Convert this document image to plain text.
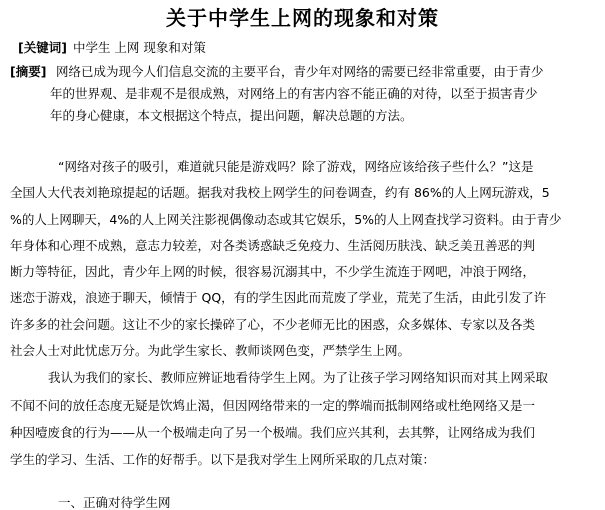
关于中学生上网的现象和对策
[关键词] 中学生 上网 现象和对策
[摘要] 网络已成为现今人们信息交流的主要平台，青少年对网络的需要已经非常重要，由于青少
年的世界观、是非观不是很成熟，对网络上的有害内容不能正确的对待，以至于损害青少
年的身心健康，本文根据这个特点，提出问题，解决总题的方法。
“网络对孩子的吸引，难道就只能是游戏吗？除了游戏，网络应该给孩子些什么？”这是
全国人大代表刘艳琼提起的话题。据我对我校上网学生的问卷调查，约有 86%的人上网玩游戏，5
%的人上网聊天，4%的人上网关注影视偶像动态或其它娱乐，5%的人上网查找学习资料。由于青少
年身体和心理不成熟，意志力较差，对各类诱惑缺乏免疫力、生活阅历肤浅、缺乏美丑善恶的判
断力等特征，因此，青少年上网的时候，很容易沉溺其中，不少学生流连于网吧，冲浪于网络，
迷恋于游戏，浪迹于聊天，倾情于 QQ，有的学生因此而荒废了学业，荒芜了生活，由此引发了许
许多多的社会问题。这让不少的家长操碎了心，不少老师无比的困惑，众多媒体、专家以及各类
社会人士对此忧虑万分。为此学生家长、教师谈网色变，严禁学生上网。
我认为我们的家长、教师应辨证地看待学生上网。为了让孩子学习网络知识而对其上网采取
不闻不问的放任态度无疑是饮鸩止渴，但因网络带来的一定的弊端而抵制网络或杜绝网络又是一
种因噎废食的行为——从一个极端走向了另一个极端。我们应兴其利，去其弊，让网络成为我们
学生的学习、生活、工作的好帮手。以下是我对学生上网所采取的几点对策：
一、正确对待学生网
